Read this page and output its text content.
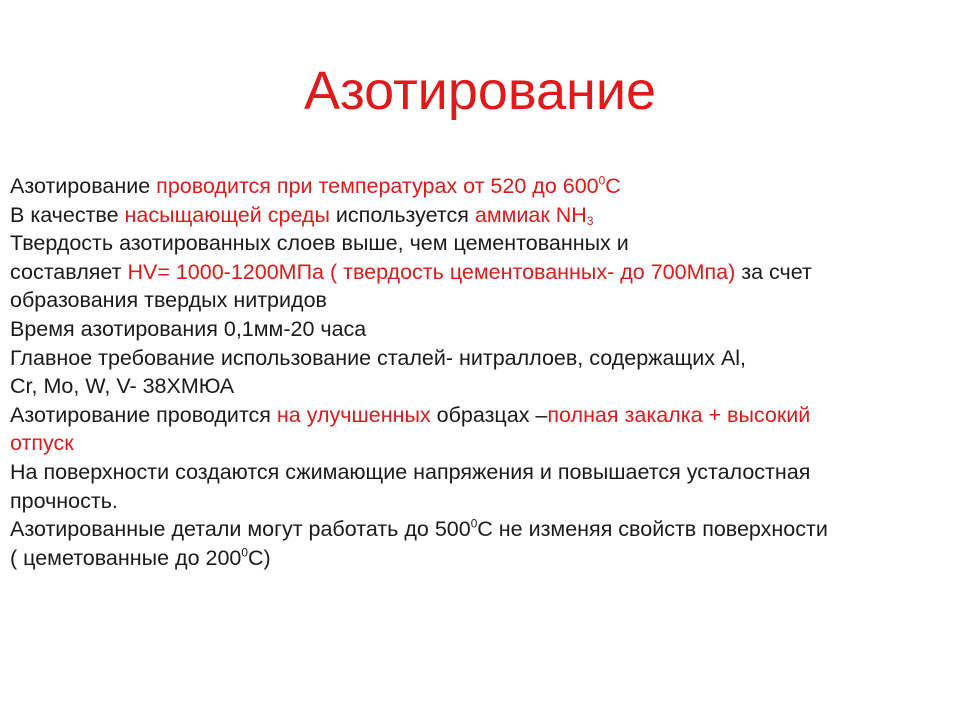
Азотирование
Азотирование проводится при температурах от 520 до $600^0С$
В качестве насыщающей среды используется аммиак $NH_3$
Твердость азотированных слоев выше, чем цементованных и
составляет HV= 1000-1200МПа ( твердость цементованных- до 700Мпа) за счет
образования твердых нитридов
Время азотирования 0,1мм-20 часа
Главное требование использование сталей- нитраллоев, содержащих Al,
Cr, Mo, W, V- 38ХМЮА
Азотирование проводится на улучшенных образцах –полная закалка + высокий
отпуск
На поверхности создаются сжимающие напряжения и повышается усталостная
прочность.
Азотированные детали могут работать до $500^0С$ не изменяя свойств поверхности
( цеметованные до $200^0С$)
